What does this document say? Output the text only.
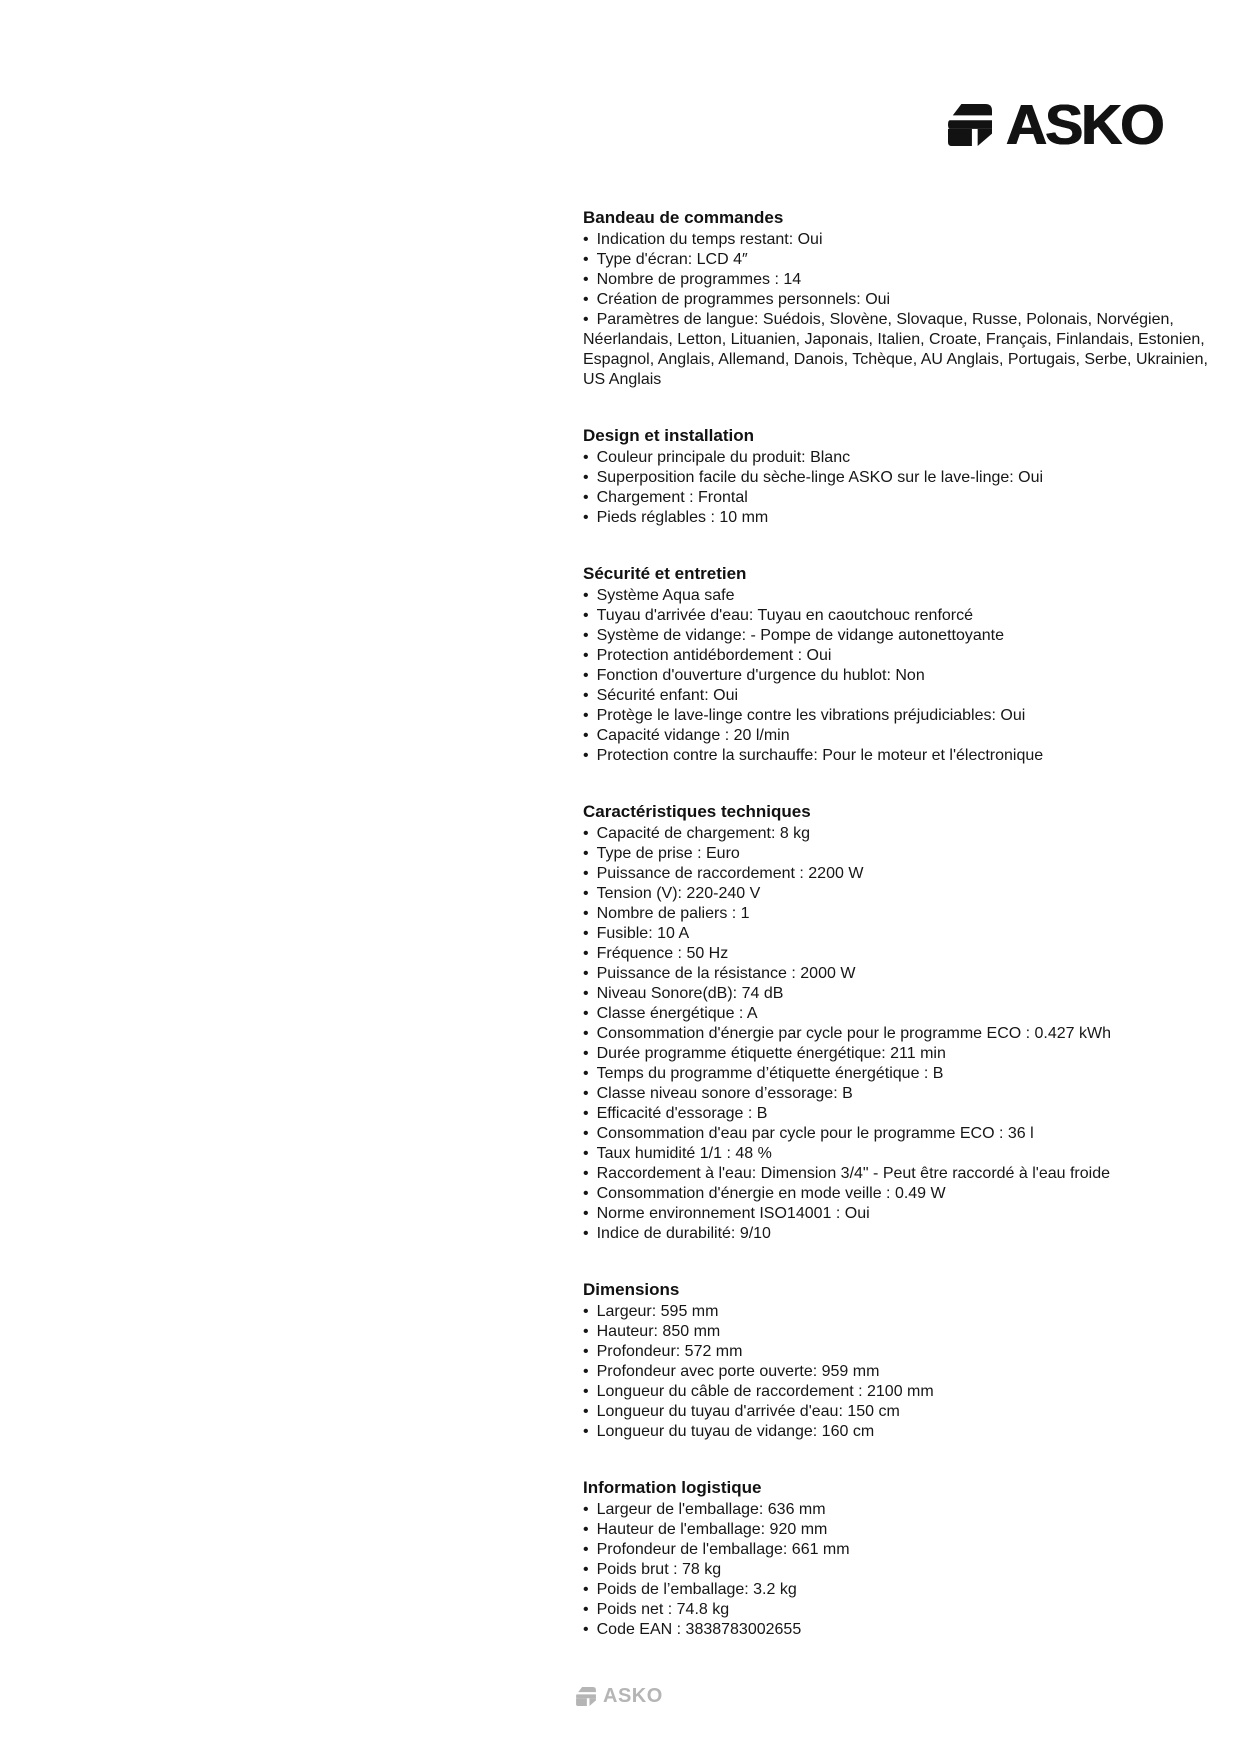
ASKO
Bandeau de commandes
• Indication du temps restant: Oui
• Type d'écran: LCD 4″
• Nombre de programmes : 14
• Création de programmes personnels: Oui
• Paramètres de langue: Suédois, Slovène, Slovaque, Russe, Polonais, Norvégien, Néerlandais, Letton, Lituanien, Japonais, Italien, Croate, Français, Finlandais, Estonien, Espagnol, Anglais, Allemand, Danois, Tchèque, AU Anglais, Portugais, Serbe, Ukrainien, US Anglais
Design et installation
• Couleur principale du produit: Blanc
• Superposition facile du sèche-linge ASKO sur le lave-linge: Oui
• Chargement : Frontal
• Pieds réglables : 10 mm
Sécurité et entretien
• Système Aqua safe
• Tuyau d'arrivée d'eau: Tuyau en caoutchouc renforcé
• Système de vidange: - Pompe de vidange autonettoyante
• Protection antidébordement : Oui
• Fonction d'ouverture d'urgence du hublot: Non
• Sécurité enfant: Oui
• Protège le lave-linge contre les vibrations préjudiciables: Oui
• Capacité vidange : 20 l/min
• Protection contre la surchauffe: Pour le moteur et l'électronique
Caractéristiques techniques
• Capacité de chargement: 8 kg
• Type de prise : Euro
• Puissance de raccordement : 2200 W
• Tension (V): 220-240 V
• Nombre de paliers : 1
• Fusible: 10 A
• Fréquence : 50 Hz
• Puissance de la résistance : 2000 W
• Niveau Sonore(dB): 74 dB
• Classe énergétique : A
• Consommation d'énergie par cycle pour le programme ECO : 0.427 kWh
• Durée programme étiquette énergétique: 211 min
• Temps du programme d’étiquette énergétique : B
• Classe niveau sonore d’essorage: B
• Efficacité d'essorage : B
• Consommation d'eau par cycle pour le programme ECO : 36 l
• Taux humidité 1/1 : 48 %
• Raccordement à l'eau: Dimension 3/4" - Peut être raccordé à l'eau froide
• Consommation d'énergie en mode veille : 0.49 W
• Norme environnement ISO14001 : Oui
• Indice de durabilité: 9/10
Dimensions
• Largeur: 595 mm
• Hauteur: 850 mm
• Profondeur: 572 mm
• Profondeur avec porte ouverte: 959 mm
• Longueur du câble de raccordement : 2100 mm
• Longueur du tuyau d'arrivée d'eau: 150 cm
• Longueur du tuyau de vidange: 160 cm
Information logistique
• Largeur de l'emballage: 636 mm
• Hauteur de l'emballage: 920 mm
• Profondeur de l'emballage: 661 mm
• Poids brut : 78 kg
• Poids de l’emballage: 3.2 kg
• Poids net : 74.8 kg
• Code EAN : 3838783002655
ASKO
